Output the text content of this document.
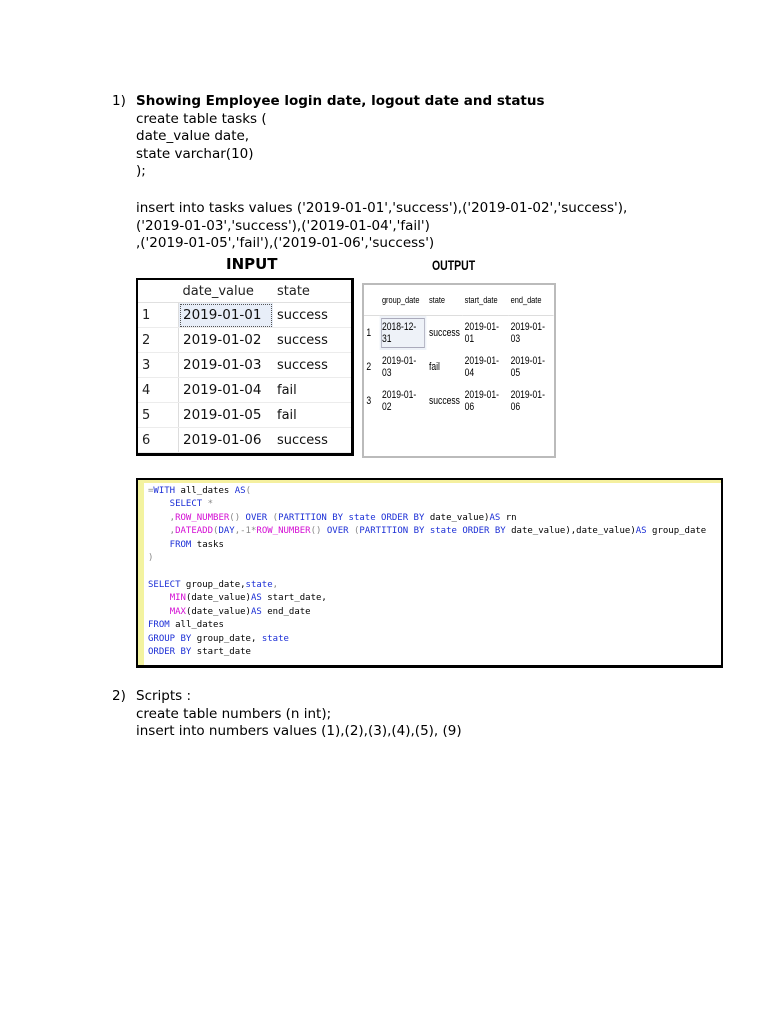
1) Showing Employee login date, logout date and status
create table tasks (
date_value date,
state varchar(10)
);
insert into tasks values ('2019-01-01','success'),('2019-01-02','success'),
('2019-01-03','success'),('2019-01-04','fail')
,('2019-01-05','fail'),('2019-01-06','success')
INPUT
	date_value	state
1	2019-01-01	success
2	2019-01-02	success
3	2019-01-03	success
4	2019-01-04	fail
5	2019-01-05	fail
6	2019-01-06	success
OUTPUT
	group_date	state	start_date	end_date
1	2018-12-31	success	2019-01-01	2019-01-03
2	2019-01-03	fail	2019-01-04	2019-01-05
3	2019-01-02	success	2019-01-06	2019-01-06
=WITH all_dates AS(
SELECT *
,ROW_NUMBER() OVER (PARTITION BY state ORDER BY date_value)AS rn
,DATEADD(DAY,-1*ROW_NUMBER() OVER (PARTITION BY state ORDER BY date_value),date_value)AS group_date
FROM tasks
)
SELECT group_date,state,
MIN(date_value)AS start_date,
MAX(date_value)AS end_date
FROM all_dates
GROUP BY group_date, state
ORDER BY start_date
2) Scripts :
create table numbers (n int);
insert into numbers values (1),(2),(3),(4),(5), (9)
